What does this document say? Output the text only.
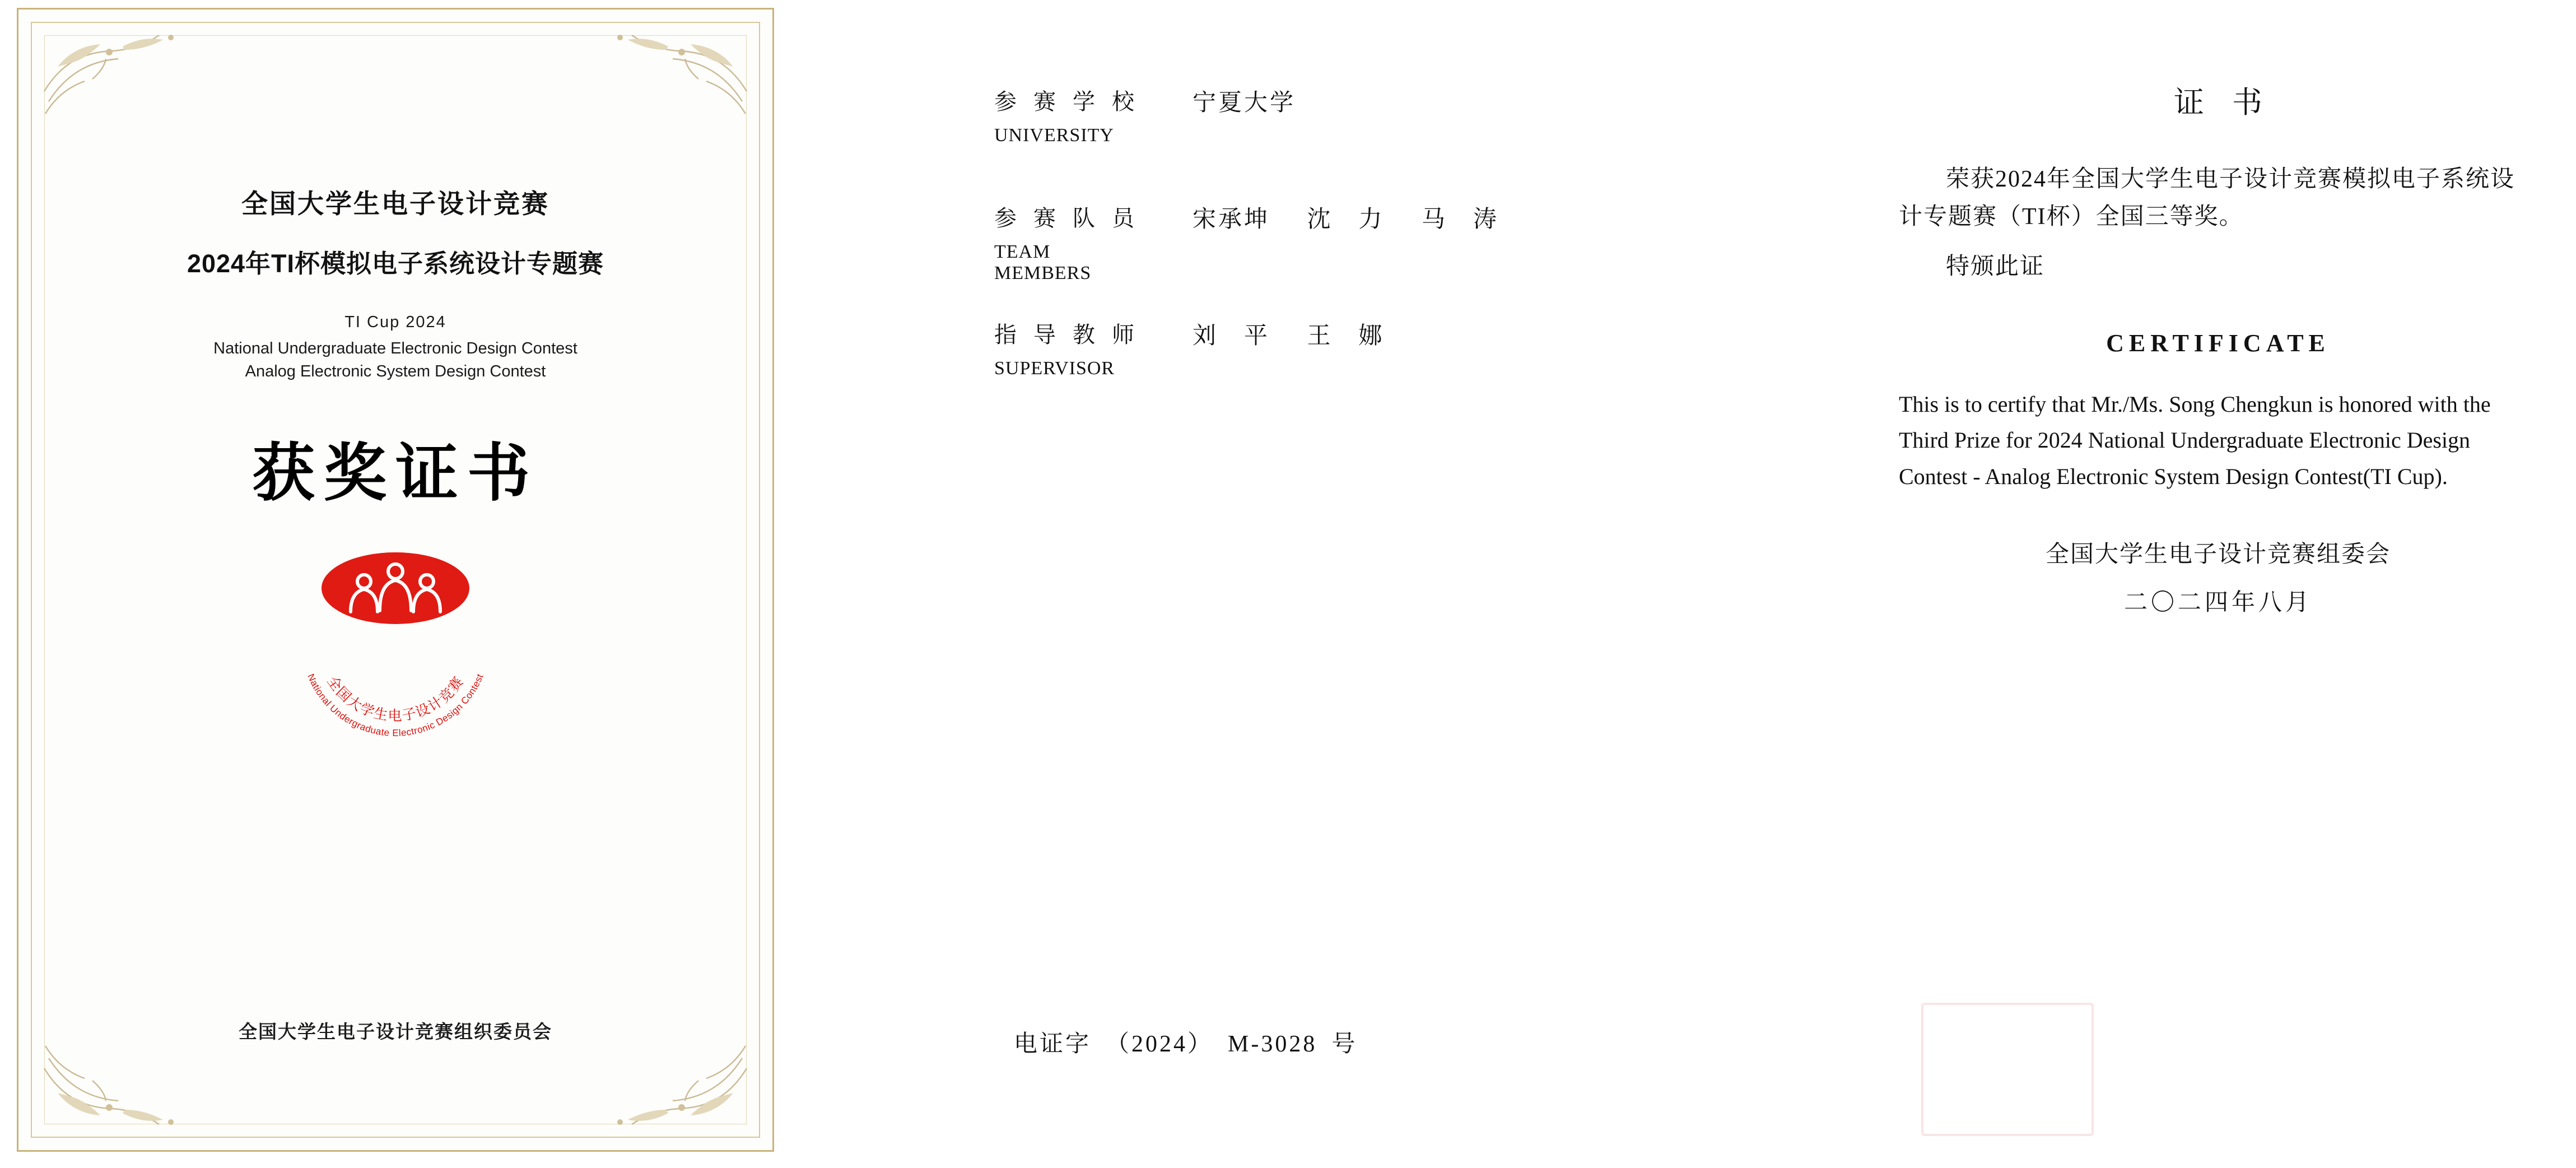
全国大学生电子设计竞赛
2024年TI杯模拟电子系统设计专题赛
TI Cup 2024
National Undergraduate Electronic Design Contest
Analog Electronic System Design Contest
获奖证书
全国大学生电子设计竞赛
National Undergraduate Electronic Design Contest
全国大学生电子设计竞赛组织委员会
参 赛 学 校
UNIVERSITY
宁夏大学
参 赛 队 员
TEAM MEMBERS
宋承坤 沈　力 马　涛
指 导 教 师
SUPERVISOR
刘　平 王　娜
电证字 （2024） M-3028 号
证书
荣获2024年全国大学生电子设计竞赛模拟电子系统设计专题赛（TI杯）全国三等奖。
特颁此证
CERTIFICATE
This is to certify that Mr./Ms. Song Chengkun is honored with the Third Prize for 2024 National Undergraduate Electronic Design Contest - Analog Electronic System Design Contest(TI Cup).
全国大学生电子设计竞赛组委会
二〇二四年八月
